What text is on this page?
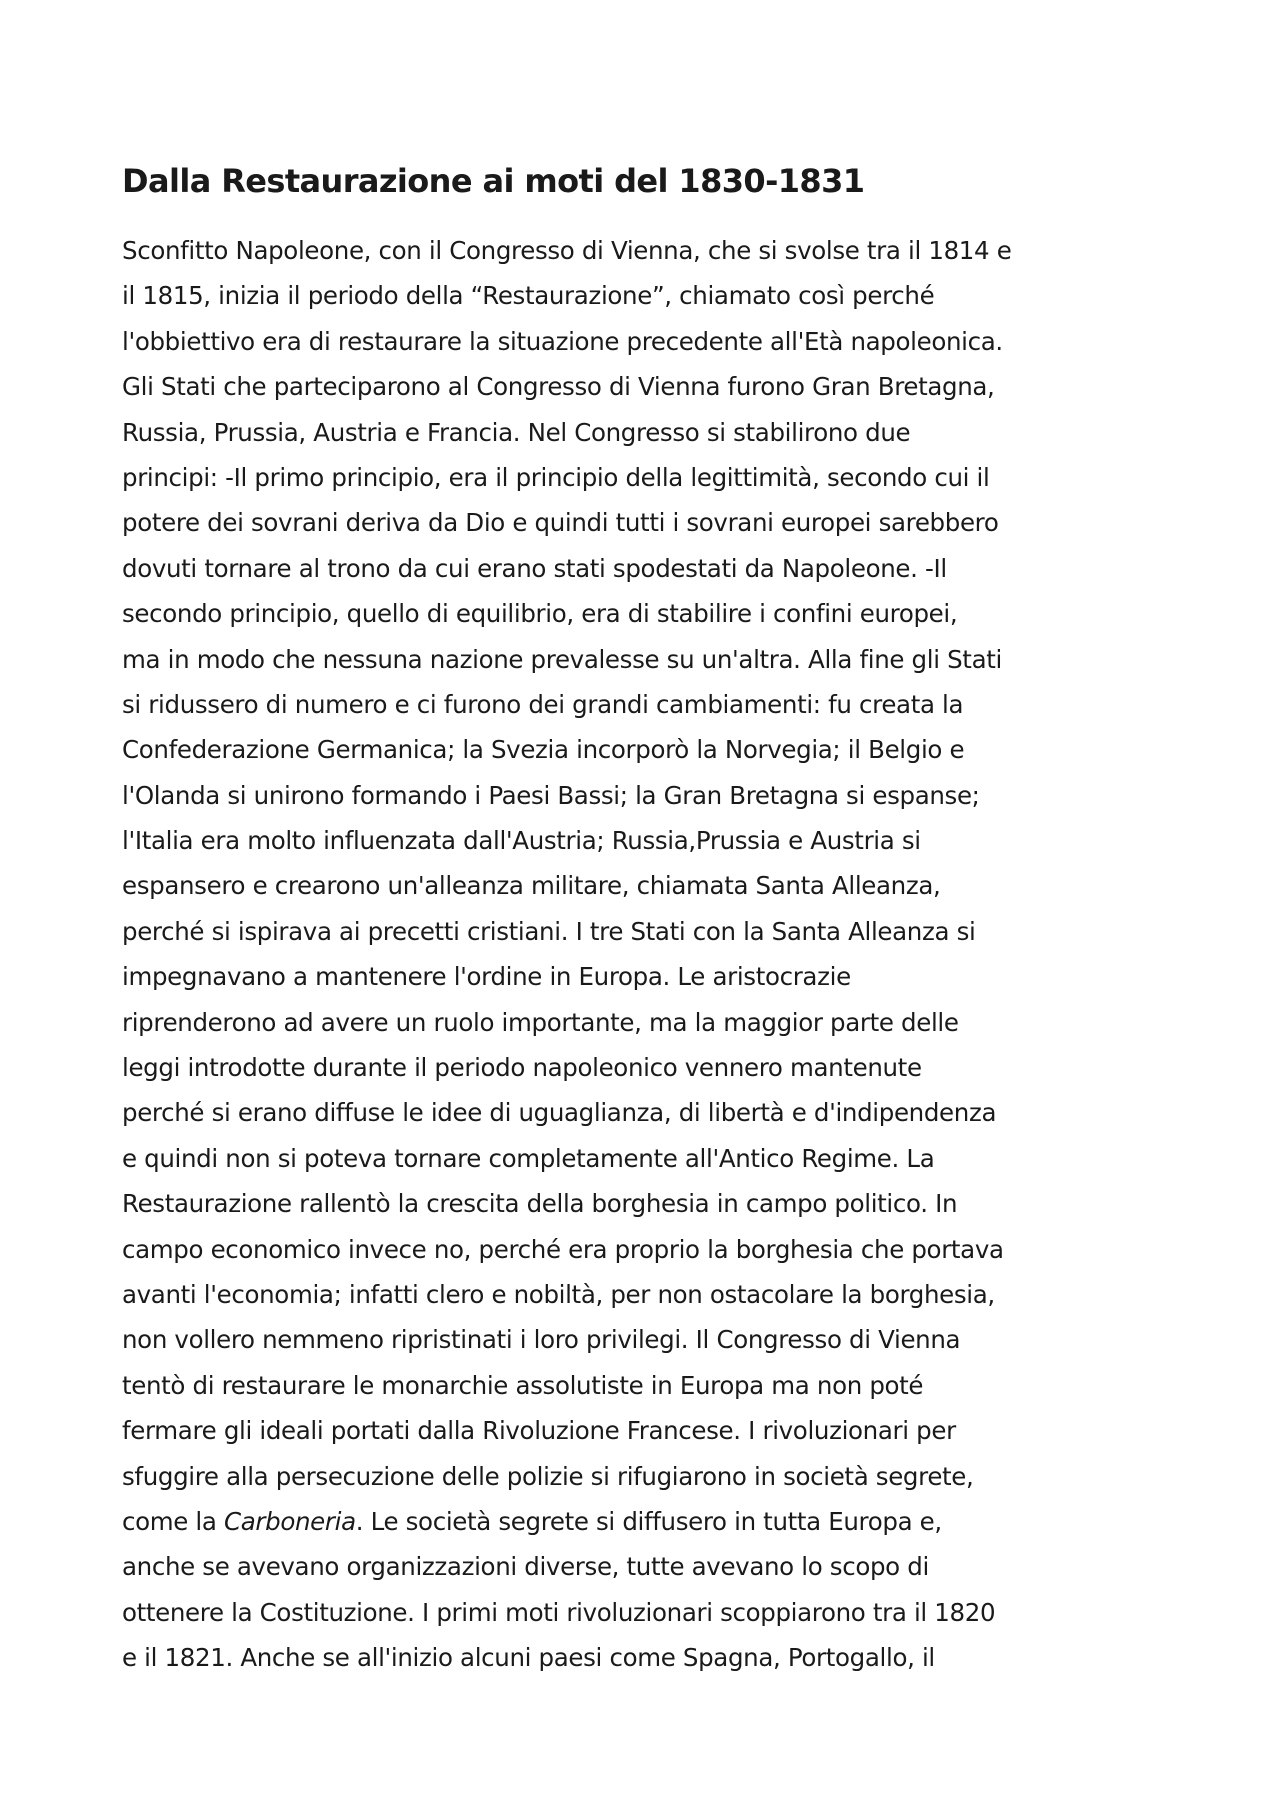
Dalla Restaurazione ai moti del 1830-1831
Sconfitto Napoleone, con il Congresso di Vienna, che si svolse tra il 1814 e
il 1815, inizia il periodo della “Restaurazione”, chiamato così perché
l'obbiettivo era di restaurare la situazione precedente all'Età napoleonica.
Gli Stati che parteciparono al Congresso di Vienna furono Gran Bretagna,
Russia, Prussia, Austria e Francia. Nel Congresso si stabilirono due
principi: -Il primo principio, era il principio della legittimità, secondo cui il
potere dei sovrani deriva da Dio e quindi tutti i sovrani europei sarebbero
dovuti tornare al trono da cui erano stati spodestati da Napoleone. -Il
secondo principio, quello di equilibrio, era di stabilire i confini europei,
ma in modo che nessuna nazione prevalesse su un'altra. Alla fine gli Stati
si ridussero di numero e ci furono dei grandi cambiamenti: fu creata la
Confederazione Germanica; la Svezia incorporò la Norvegia; il Belgio e
l'Olanda si unirono formando i Paesi Bassi; la Gran Bretagna si espanse;
l'Italia era molto influenzata dall'Austria; Russia,Prussia e Austria si
espansero e crearono un'alleanza militare, chiamata Santa Alleanza,
perché si ispirava ai precetti cristiani. I tre Stati con la Santa Alleanza si
impegnavano a mantenere l'ordine in Europa. Le aristocrazie
riprenderono ad avere un ruolo importante, ma la maggior parte delle
leggi introdotte durante il periodo napoleonico vennero mantenute
perché si erano diffuse le idee di uguaglianza, di libertà e d'indipendenza
e quindi non si poteva tornare completamente all'Antico Regime. La
Restaurazione rallentò la crescita della borghesia in campo politico. In
campo economico invece no, perché era proprio la borghesia che portava
avanti l'economia; infatti clero e nobiltà, per non ostacolare la borghesia,
non vollero nemmeno ripristinati i loro privilegi. Il Congresso di Vienna
tentò di restaurare le monarchie assolutiste in Europa ma non poté
fermare gli ideali portati dalla Rivoluzione Francese. I rivoluzionari per
sfuggire alla persecuzione delle polizie si rifugiarono in società segrete,
come la Carboneria. Le società segrete si diffusero in tutta Europa e,
anche se avevano organizzazioni diverse, tutte avevano lo scopo di
ottenere la Costituzione. I primi moti rivoluzionari scoppiarono tra il 1820
e il 1821. Anche se all'inizio alcuni paesi come Spagna, Portogallo, il
